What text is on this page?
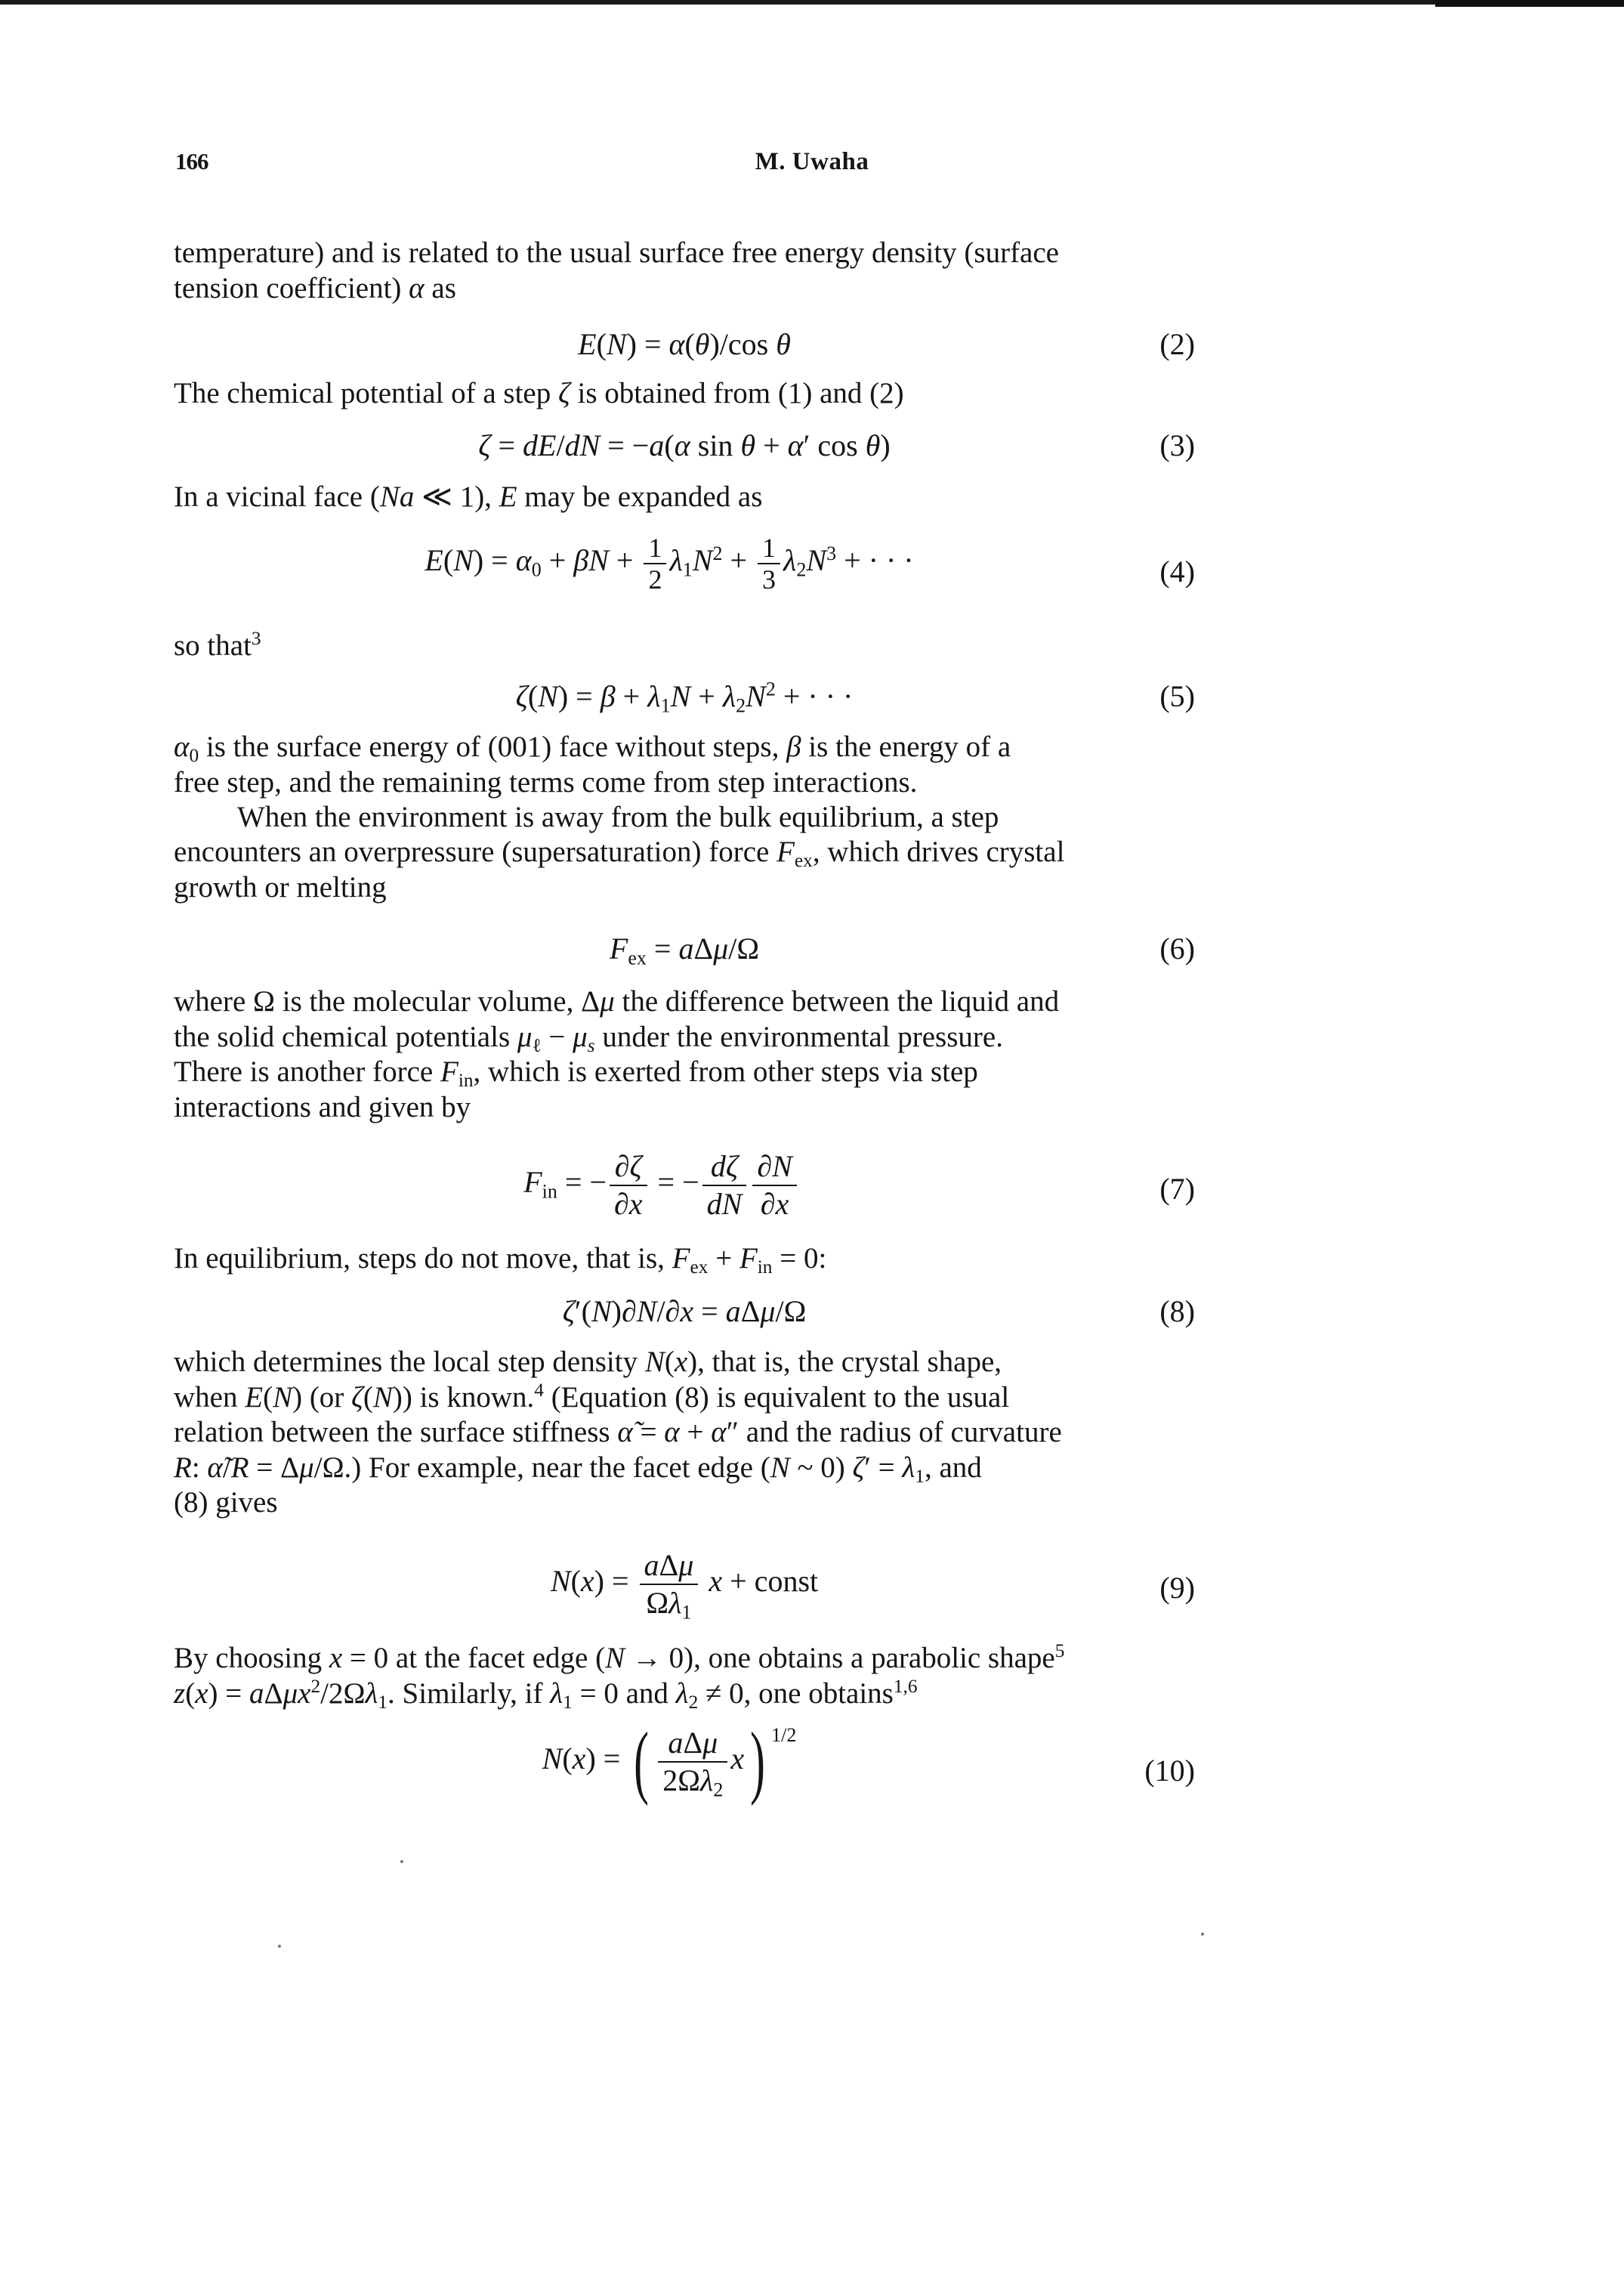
166	M. Uwaha
temperature) and is related to the usual surface free energy density (surface
tension coefficient) α as
E(N) = α(θ)/cos θ	(2)
The chemical potential of a step ζ is obtained from (1) and (2)
ζ = dE/dN = −a(α sin θ + α′ cos θ)	(3)
In a vicinal face (Na ≪ 1), E may be expanded as
$E(N) = \alpha_0 + \beta N + \frac{1}{2} \lambda_1N^2 + \frac{1}{3} \lambda_2N^3$ + · · ·	(4)
so that$^3$
$\zeta(N) = \beta + \lambda_1N + \lambda_2N^2$ + · · ·	(5)
$\alpha_0$ is the surface energy of (001) face without steps, β is the energy of a
free step, and the remaining terms come from step interactions.
When the environment is away from the bulk equilibrium, a step
encounters an overpressure (supersaturation) force $F_{ex}$, which drives crystal
growth or melting
$F_{ex} = a\Delta\mu/\Omega$	(6)
where Ω is the molecular volume, Δμ the difference between the liquid and
the solid chemical potentials $\mu_\ell - \mu_s$ under the environmental pressure.
There is another force $F_{in}$, which is exerted from other steps via step
interactions and given by
$F_{in}$ = − $\frac{\partial\zeta}{\partial x}$ = − $\frac{d\zeta}{dN} \frac{\partial N}{\partial x}$	(7)
In equilibrium, steps do not move, that is, $F_{ex} + F_{in} = 0$:
ζ′(N)∂N/∂x = aΔμ/Ω	(8)
which determines the local step density N(x), that is, the crystal shape,
when E(N) (or ζ(N)) is known.$^4$ (Equation (8) is equivalent to the usual
relation between the surface stiffness α̃ = α + α″ and the radius of curvature
R: α̃/R = Δμ/Ω.) For example, near the facet edge (N ~ 0) $\zeta' = \lambda_1$, and
(8) gives
$N(x) = \frac{\text{aΔμ}}{\Omega\lambda_1}$ x + const	(9)
By choosing x = 0 at the facet edge (N → 0), one obtains a parabolic shape$^5$
$z(x) = a\Delta\mu x^2/2\Omega\lambda_1$. Similarly, if $\lambda_1 = 0$ and $\lambda_2 \ne 0$, one obtains$^{1,6}$
N(x) = ( $\frac{\text{aΔμ}}{2\Omega\lambda_2} x$) $^{1/2}$
(10)
